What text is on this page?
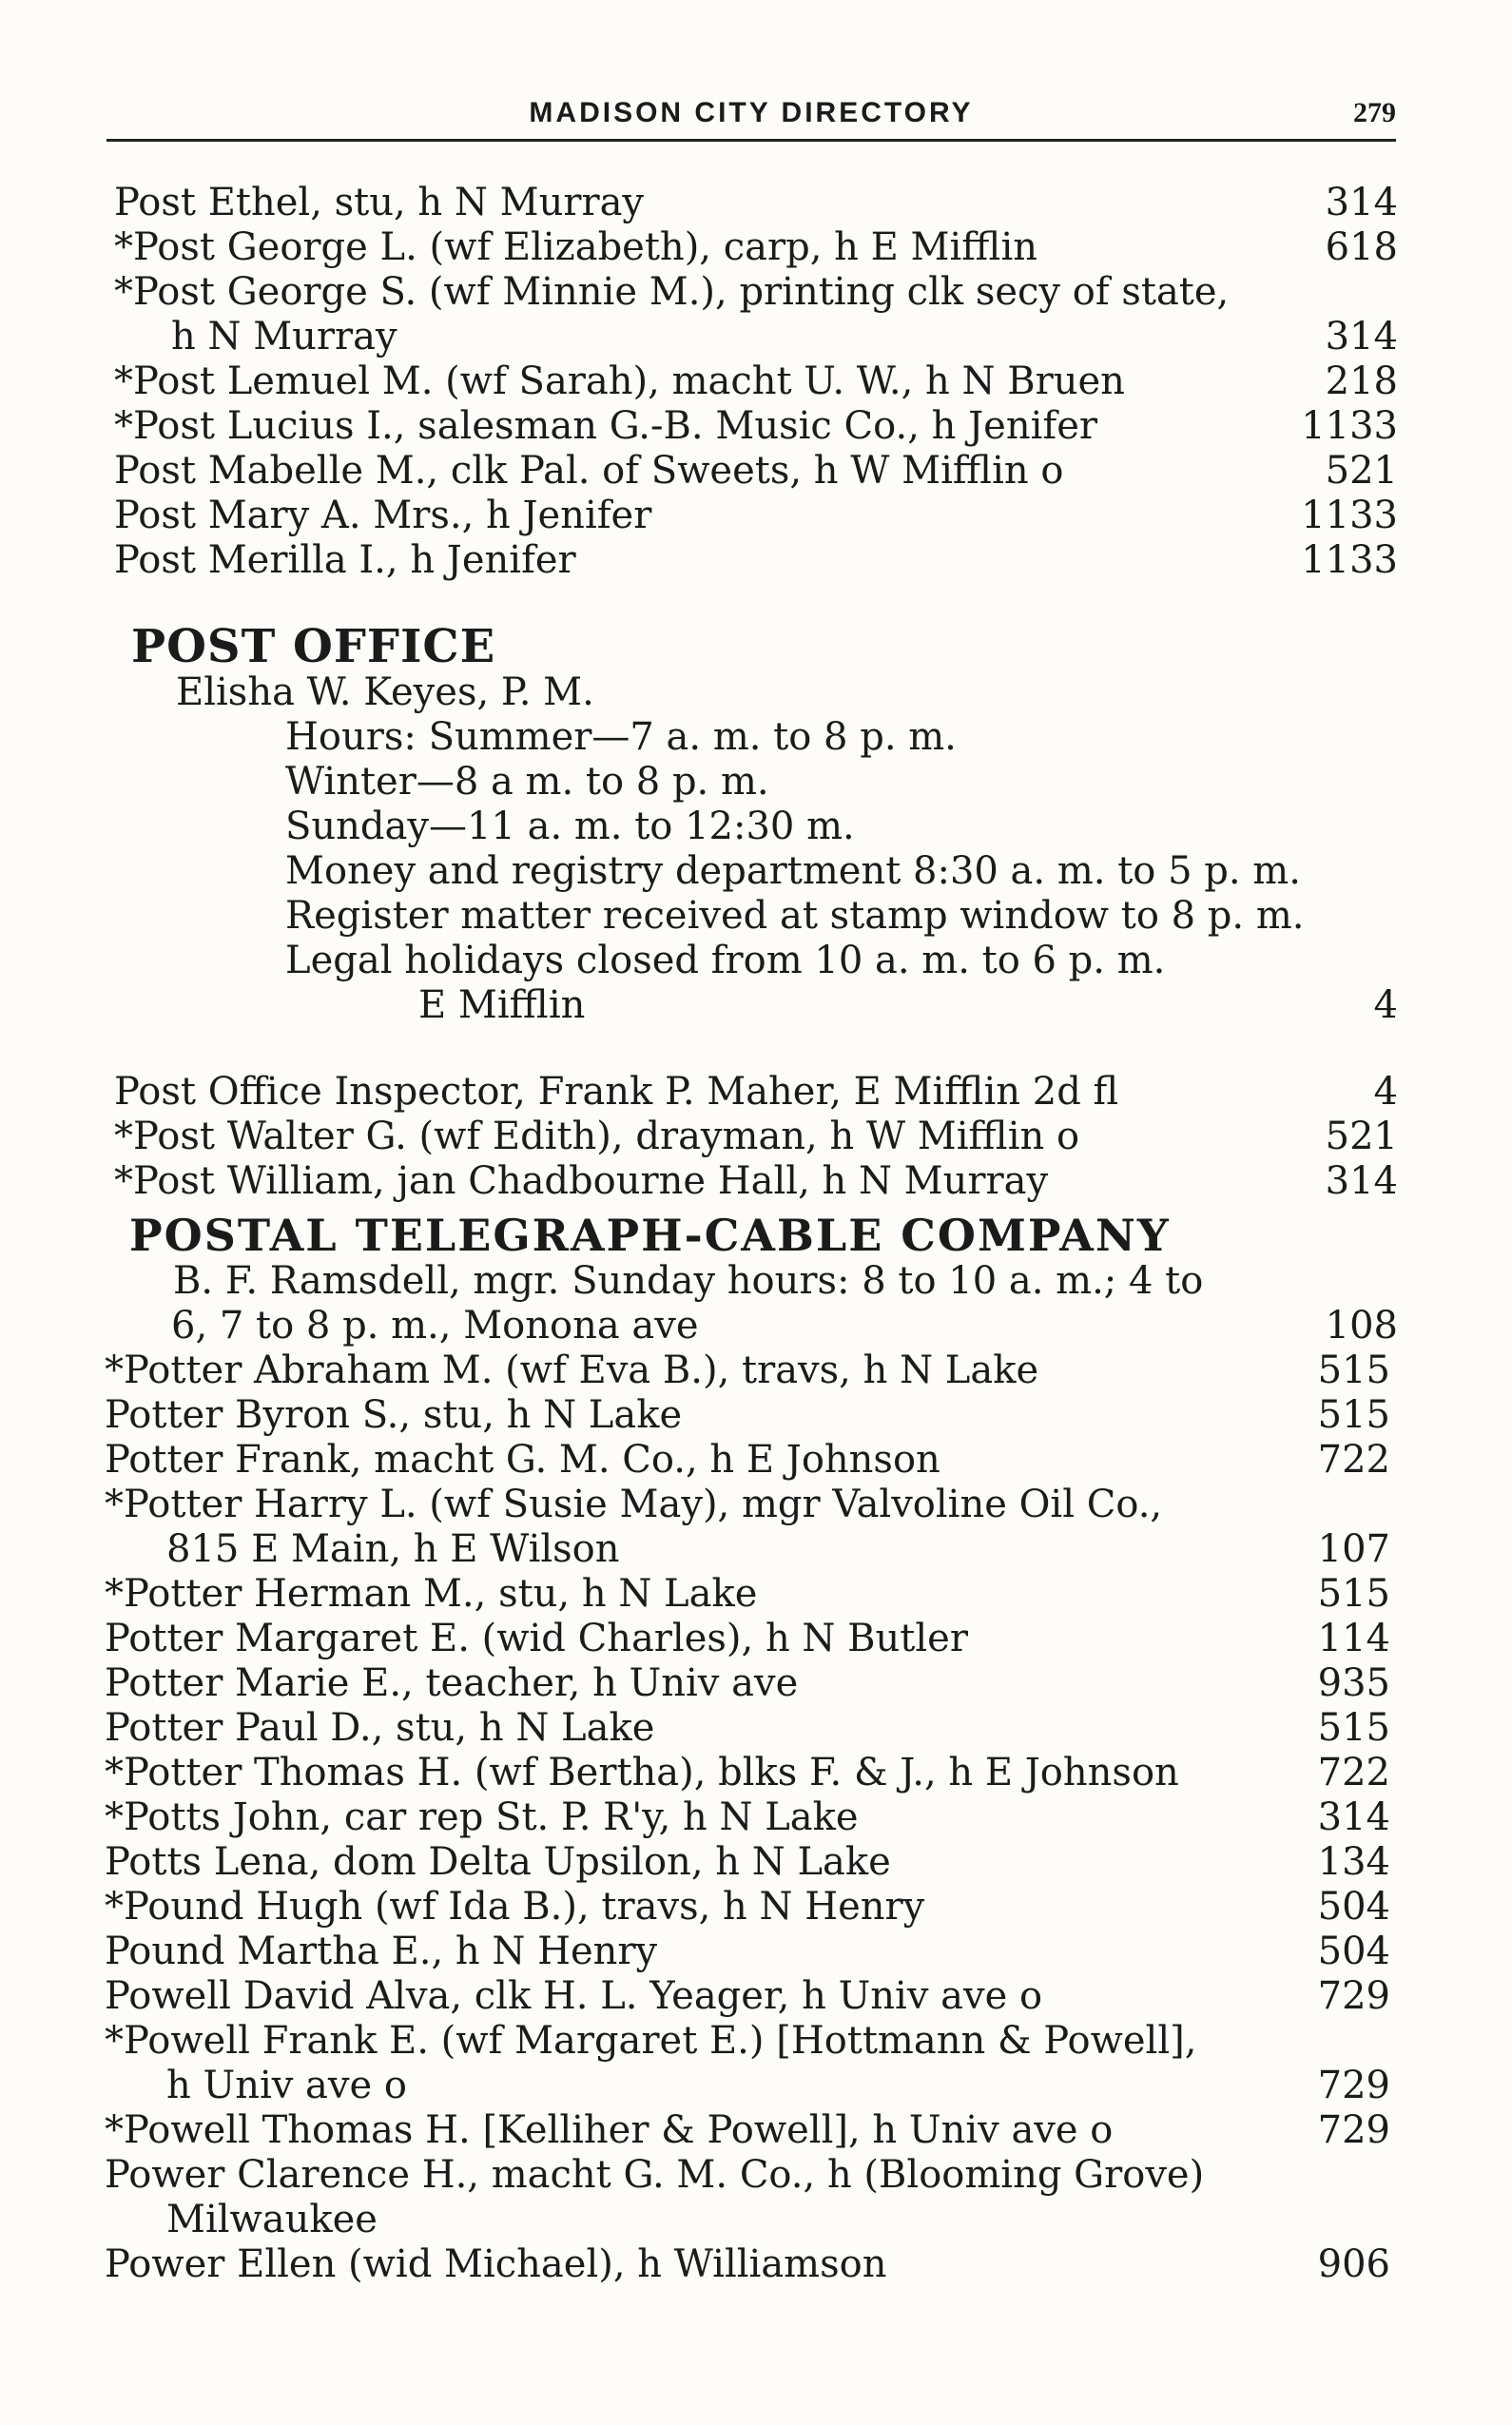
MADISON CITY DIRECTORY	279
Post Ethel, stu, h N Murray	314
*Post George L. (wf Elizabeth), carp, h E Mifflin	618
*Post George S. (wf Minnie M.), printing clk secy of state,
h N Murray	314
*Post Lemuel M. (wf Sarah), macht U. W., h N Bruen	218
*Post Lucius I., salesman G.-B. Music Co., h Jenifer	1133
Post Mabelle M., clk Pal. of Sweets, h W Mifflin o	521
Post Mary A. Mrs., h Jenifer	1133
Post Merilla I., h Jenifer	1133
POST OFFICE
Elisha W. Keyes, P. M.
Hours: Summer—7 a. m. to 8 p. m.
Winter—8 a m. to 8 p. m.
Sunday—11 a. m. to 12:30 m.
Money and registry department 8:30 a. m. to 5 p. m.
Register matter received at stamp window to 8 p. m.
Legal holidays closed from 10 a. m. to 6 p. m.
E Mifflin	4
Post Office Inspector, Frank P. Maher, E Mifflin 2d fl	4
*Post Walter G. (wf Edith), drayman, h W Mifflin o	521
*Post William, jan Chadbourne Hall, h N Murray	314
POSTAL TELEGRAPH-CABLE COMPANY
B. F. Ramsdell, mgr. Sunday hours: 8 to 10 a. m.; 4 to
6, 7 to 8 p. m., Monona ave	108
*Potter Abraham M. (wf Eva B.), travs, h N Lake	515
Potter Byron S., stu, h N Lake	515
Potter Frank, macht G. M. Co., h E Johnson	722
*Potter Harry L. (wf Susie May), mgr Valvoline Oil Co.,
815 E Main, h E Wilson	107
*Potter Herman M., stu, h N Lake	515
Potter Margaret E. (wid Charles), h N Butler	114
Potter Marie E., teacher, h Univ ave	935
Potter Paul D., stu, h N Lake	515
*Potter Thomas H. (wf Bertha), blks F. & J., h E Johnson	722
*Potts John, car rep St. P. R'y, h N Lake	314
Potts Lena, dom Delta Upsilon, h N Lake	134
*Pound Hugh (wf Ida B.), travs, h N Henry	504
Pound Martha E., h N Henry	504
Powell David Alva, clk H. L. Yeager, h Univ ave o	729
*Powell Frank E. (wf Margaret E.) [Hottmann & Powell],
h Univ ave o	729
*Powell Thomas H. [Kelliher & Powell], h Univ ave o	729
Power Clarence H., macht G. M. Co., h (Blooming Grove)
Milwaukee
Power Ellen (wid Michael), h Williamson	906
